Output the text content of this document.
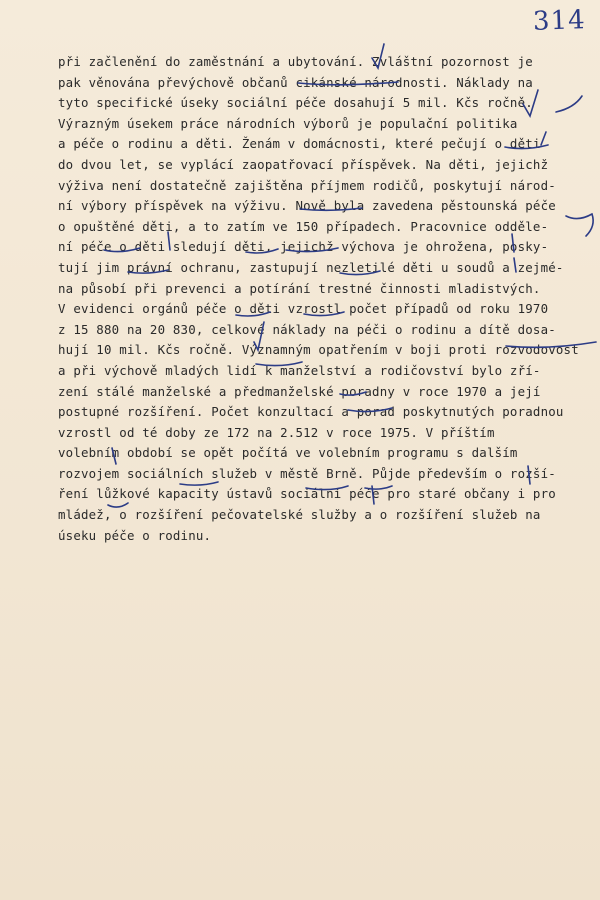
314
při začlenění do zaměstnání a ubytování. Zvláštní pozornost je
pak věnována převýchově občanů cikánské národnosti. Náklady na
tyto specifické úseky sociální péče dosahují 5 mil. Kčs ročně.
Výrazným úsekem práce národních výborů je populační politika
a péče o rodinu a děti. Ženám v domácnosti, které pečují o děti
do dvou let, se vyplácí zaopatřovací příspěvek. Na děti, jejichž
výživa není dostatečně zajištěna příjmem rodičů, poskytují národ-
ní výbory příspěvek na výživu. Nově byla zavedena pěstounská péče
o opuštěné děti, a to zatím ve 150 případech. Pracovnice odděle-
ní péče o děti sledují děti, jejichž výchova je ohrožena, posky-
tují jim právní ochranu, zastupují nezletilé děti u soudů a zejmé-
na působí při prevenci a potírání trestné činnosti mladistvých.
V evidenci orgánů péče o děti vzrostl počet případů od roku 1970
z 15 880 na 20 830, celkové náklady na péči o rodinu a dítě dosa-
hují 10 mil. Kčs ročně. Významným opatřením v boji proti rozvodovost
a při výchově mladých lidí k manželství a rodičovství bylo zří-
zení stálé manželské a předmanželské poradny v roce 1970 a její
postupné rozšíření. Počet konzultací a porad poskytnutých poradnou
vzrostl od té doby ze 172 na 2.512 v roce 1975. V příštím
volebním období se opět počítá ve volebním programu s dalším
rozvojem sociálních služeb v městě Brně. Půjde především o rozší-
ření lůžkové kapacity ústavů sociální péče pro staré občany i pro
mládež, o rozšíření pečovatelské služby a o rozšíření služeb na
úseku péče o rodinu.
